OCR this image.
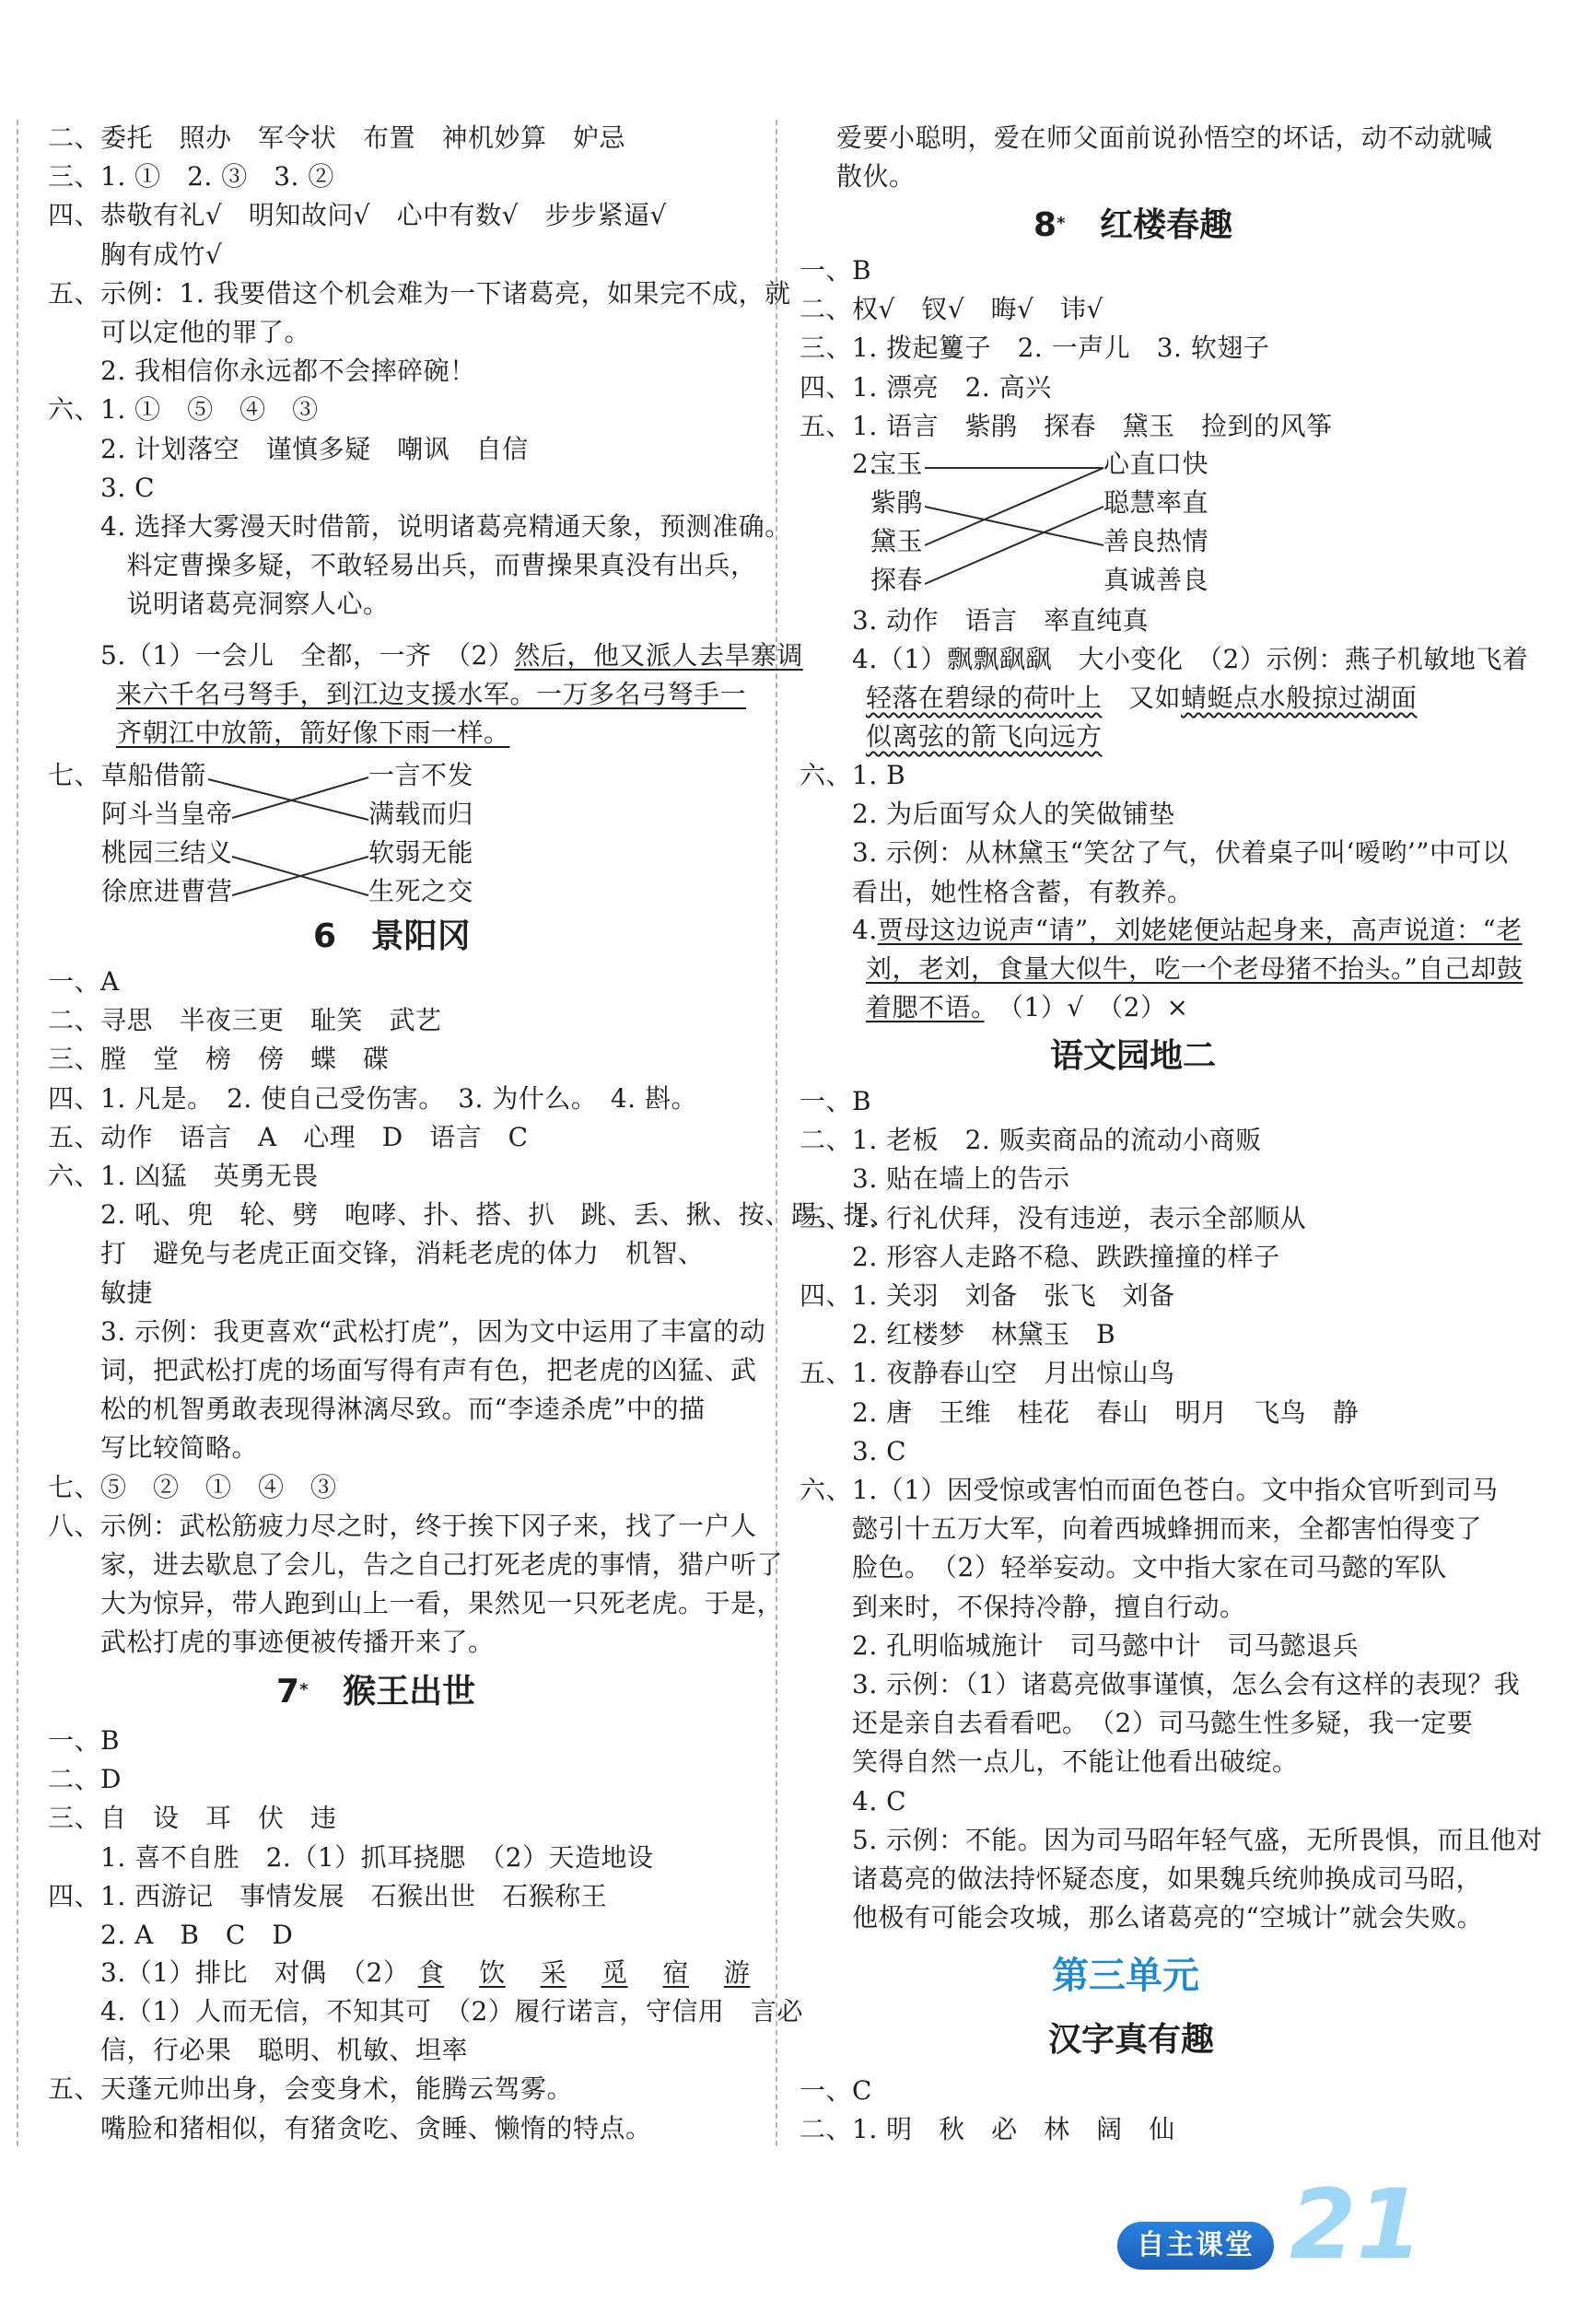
二、委托　照办　军令状　布置　神机妙算　妒忌
三、1. ①　2. ③　3. ②
四、恭敬有礼√　明知故问√　心中有数√　步步紧逼√
　　胸有成竹√
五、示例：1. 我要借这个机会难为一下诸葛亮，如果完不成，就
　　可以定他的罪了。
　　2. 我相信你永远都不会摔碎碗！
六、1. ①　⑤　④　③
　　2. 计划落空　谨慎多疑　嘲讽　自信
　　3. C
　　4. 选择大雾漫天时借箭，说明诸葛亮精通天象，预测准确。
　　　料定曹操多疑，不敢轻易出兵，而曹操果真没有出兵，
　　　说明诸葛亮洞察人心。
　　5.（1）一会儿　全都，一齐　（2）然后，他又派人去旱寨调
来六千名弓弩手，到江边支援水军。一万多名弓弩手一
齐朝江中放箭，箭好像下雨一样。
七、 草船借箭
阿斗当皇帝
桃园三结义
徐庶进曹营
一言不发
满载而归
软弱无能
生死之交
6 景阳冈
一、A
二、寻思　半夜三更　耻笑　武艺
三、膛　堂　榜　傍　蝶　碟
四、1. 凡是。　2. 使自己受伤害。　3. 为什么。　4. 斟。
五、动作　语言　A　心理　D　语言　C
六、1. 凶猛　英勇无畏
　　2. 吼、兜　轮、劈　咆哮、扑、搭、扒　跳、丢、揪、按、踢、提、
　　打　避免与老虎正面交锋，消耗老虎的体力　机智、
　　敏捷
　　3. 示例：我更喜欢“武松打虎”，因为文中运用了丰富的动
　　词，把武松打虎的场面写得有声有色，把老虎的凶猛、武
　　松的机智勇敢表现得淋漓尽致。而“李逵杀虎”中的描
　　写比较简略。
七、⑤　②　①　④　③
八、示例：武松筋疲力尽之时，终于挨下冈子来，找了一户人
　　家，进去歇息了会儿，告之自己打死老虎的事情，猎户听了
　　大为惊异，带人跑到山上一看，果然见一只死老虎。于是，
　　武松打虎的事迹便被传播开来了。
7* 猴王出世
一、B
二、D
三、自　设　耳　伏　违
　　1. 喜不自胜　2.（1）抓耳挠腮　（2）天造地设
四、1. 西游记　事情发展　石猴出世　石猴称王
　　2. A　B　C　D
　　3.（1）排比　对偶　（2） 食　 饮　 采　 觅　 宿　 游
　　4.（1）人而无信，不知其可　（2）履行诺言，守信用　言必
　　信，行必果　聪明、机敏、坦率
五、天蓬元帅出身，会变身术，能腾云驾雾。
　　嘴脸和猪相似，有猪贪吃、贪睡、懒惰的特点。
爱要小聪明，爱在师父面前说孙悟空的坏话，动不动就喊
散伙。
8* 红楼春趣
一、B
二、权√　钗√　晦√　讳√
三、1. 拨起籰子　2. 一声儿　3. 软翅子
四、1. 漂亮　2. 高兴
五、1. 语言　紫鹃　探春　黛玉　捡到的风筝
　　2.
宝玉
紫鹃
黛玉
探春
心直口快
聪慧率直
善良热情
真诚善良
　　3. 动作　语言　率直纯真
　　4.（1）飘飘飖飖　大小变化　（2）示例：燕子机敏地飞着
轻落在碧绿的荷叶上　又如蜻蜓点水般掠过湖面
似离弦的箭飞向远方
六、1. B
　　2. 为后面写众人的笑做铺垫
　　3. 示例：从林黛玉“笑岔了气，伏着桌子叫‘嗳哟’”中可以
　　看出，她性格含蓄，有教养。
　　4.贾母这边说声“请”，刘姥姥便站起身来，高声说道：“老
刘，老刘，食量大似牛，吃一个老母猪不抬头。”自己却鼓
着腮不语。　（1）√　（2）×
语文园地二
一、B
二、1. 老板　2. 贩卖商品的流动小商贩
　　3. 贴在墙上的告示
三、1. 行礼伏拜，没有违逆，表示全部顺从
　　2. 形容人走路不稳、跌跌撞撞的样子
四、1. 关羽　刘备　张飞　刘备
　　2. 红楼梦　林黛玉　B
五、1. 夜静春山空　月出惊山鸟
　　2. 唐　王维　桂花　春山　明月　飞鸟　静
　　3. C
六、1.（1）因受惊或害怕而面色苍白。文中指众官听到司马
　　懿引十五万大军，向着西城蜂拥而来，全都害怕得变了
　　脸色。　（2）轻举妄动。文中指大家在司马懿的军队
　　到来时，不保持冷静，擅自行动。
　　2. 孔明临城施计　司马懿中计　司马懿退兵
　　3. 示例：（1）诸葛亮做事谨慎，怎么会有这样的表现？我
　　还是亲自去看看吧。　（2）司马懿生性多疑，我一定要
　　笑得自然一点儿，不能让他看出破绽。
　　4. C
　　5. 示例：不能。因为司马昭年轻气盛，无所畏惧，而且他对
　　诸葛亮的做法持怀疑态度，如果魏兵统帅换成司马昭，
　　他极有可能会攻城，那么诸葛亮的“空城计”就会失败。
第三单元
汉字真有趣
一、C
二、1. 明　秋　必　林　阔　仙
自主课堂 21
